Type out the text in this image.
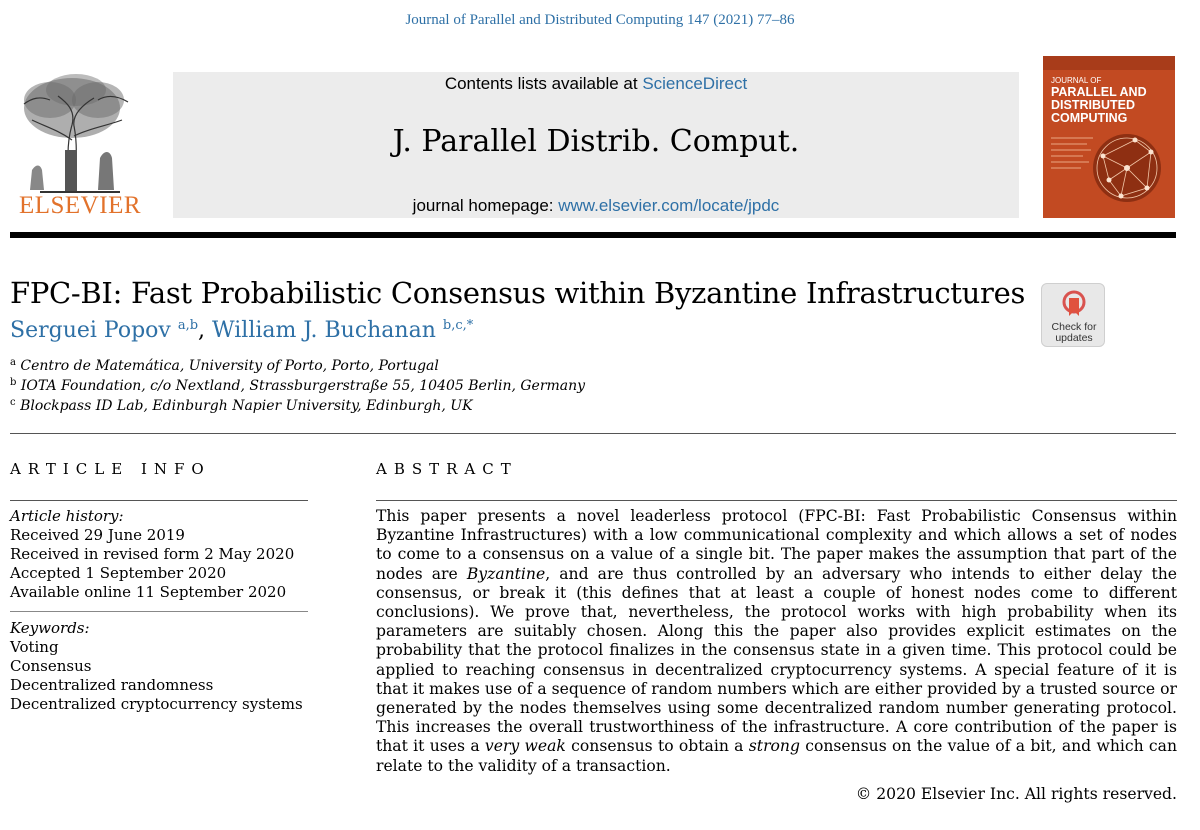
Journal of Parallel and Distributed Computing 147 (2021) 77–86
ELSEVIER
Contents lists available at ScienceDirect
J. Parallel Distrib. Comput.
journal homepage: www.elsevier.com/locate/jpdc
JOURNAL OF
PARALLEL AND
DISTRIBUTED
COMPUTING
FPC-BI: Fast Probabilistic Consensus within Byzantine Infrastructures
Check for updates
Serguei Popov $^{a,b}$, William J. Buchanan $^{b,c,*}$
$^a$ Centro de Matemática, University of Porto, Porto, Portugal
$^b$ IOTA Foundation, c/o Nextland, Strassburgerstraße 55, 10405 Berlin, Germany
$^c$ Blockpass ID Lab, Edinburgh Napier University, Edinburgh, UK
ARTICLE INFO
Article history:
Received 29 June 2019
Received in revised form 2 May 2020
Accepted 1 September 2020
Available online 11 September 2020
Keywords:
Voting
Consensus
Decentralized randomness
Decentralized cryptocurrency systems
ABSTRACT
This paper presents a novel leaderless protocol (FPC-BI: Fast Probabilistic Consensus within Byzantine Infrastructures) with a low communicational complexity and which allows a set of nodes to come to a consensus on a value of a single bit. The paper makes the assumption that part of the nodes are Byzantine, and are thus controlled by an adversary who intends to either delay the consensus, or break it (this defines that at least a couple of honest nodes come to different conclusions). We prove that, nevertheless, the protocol works with high probability when its parameters are suitably chosen. Along this the paper also provides explicit estimates on the probability that the protocol finalizes in the consensus state in a given time. This protocol could be applied to reaching consensus in decentralized cryptocurrency systems. A special feature of it is that it makes use of a sequence of random numbers which are either provided by a trusted source or generated by the nodes themselves using some decentralized random number generating protocol. This increases the overall trustworthiness of the infrastructure. A core contribution of the paper is that it uses a very weak consensus to obtain a strong consensus on the value of a bit, and which can relate to the validity of a transaction.
© 2020 Elsevier Inc. All rights reserved.
